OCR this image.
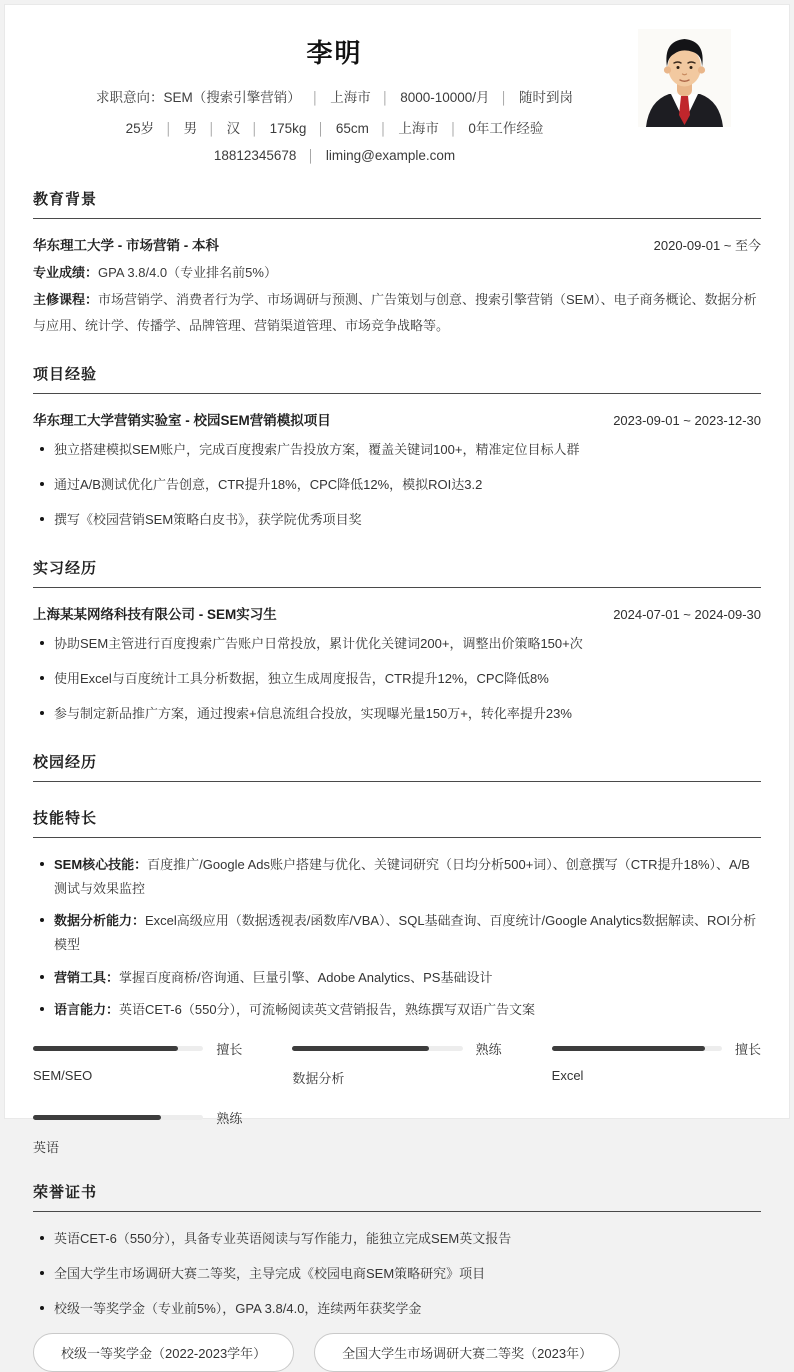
李明
求职意向：SEM（搜索引擎营销） │ 上海市 │ 8000-10000/月 │ 随时到岗
25岁 │ 男 │ 汉 │ 175kg │ 65cm │ 上海市 │ 0年工作经验
18812345678 │ liming@example.com
教育背景
华东理工大学 - 市场营销 - 本科	2020-09-01 ~ 至今
专业成绩：GPA 3.8/4.0（专业排名前5%）
主修课程：市场营销学、消费者行为学、市场调研与预测、广告策划与创意、搜索引擎营销（SEM）、电子商务概论、数据分析与应用、统计学、传播学、品牌管理、营销渠道管理、市场竞争战略等。
项目经验
华东理工大学营销实验室 - 校园SEM营销模拟项目	2023-09-01 ~ 2023-12-30
独立搭建模拟SEM账户，完成百度搜索广告投放方案，覆盖关键词100+，精准定位目标人群
通过A/B测试优化广告创意，CTR提升18%，CPC降低12%，模拟ROI达3.2
撰写《校园营销SEM策略白皮书》，获学院优秀项目奖
实习经历
上海某某网络科技有限公司 - SEM实习生	2024-07-01 ~ 2024-09-30
协助SEM主管进行百度搜索广告账户日常投放，累计优化关键词200+，调整出价策略150+次
使用Excel与百度统计工具分析数据，独立生成周度报告，CTR提升12%，CPC降低8%
参与制定新品推广方案，通过搜索+信息流组合投放，实现曝光量150万+，转化率提升23%
校园经历
技能特长
SEM核心技能：百度推广/Google Ads账户搭建与优化、关键词研究（日均分析500+词）、创意撰写（CTR提升18%）、A/B测试与效果监控
数据分析能力：Excel高级应用（数据透视表/函数库/VBA）、SQL基础查询、百度统计/Google Analytics数据解读、ROI分析模型
营销工具：掌握百度商桥/咨询通、巨量引擎、Adobe Analytics、PS基础设计
语言能力：英语CET-6（550分），可流畅阅读英文营销报告，熟练撰写双语广告文案
擅长
SEM/SEO
熟练
数据分析
擅长
Excel
熟练
英语
荣誉证书
英语CET-6（550分），具备专业英语阅读与写作能力，能独立完成SEM英文报告
全国大学生市场调研大赛二等奖，主导完成《校园电商SEM策略研究》项目
校级一等奖学金（专业前5%），GPA 3.8/4.0，连续两年获奖学金
校级一等奖学金（2022-2023学年）	全国大学生市场调研大赛二等奖（2023年）
